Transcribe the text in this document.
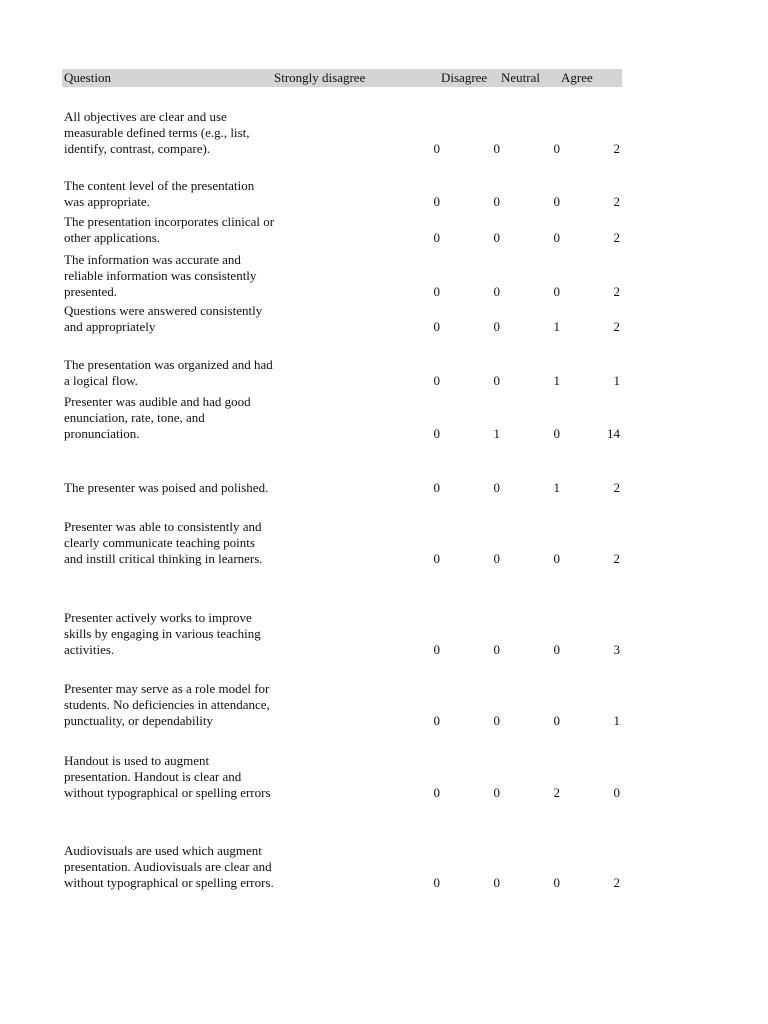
Question	Strongly disagree	Disagree Neutral Agree
All objectives are clear and use measurable defined terms (e.g., list, identify, contrast, compare).	0	0	0	2
The content level of the presentation was appropriate.	0	0	0	2
The presentation incorporates clinical or other applications.	0	0	0	2
The information was accurate and reliable information was consistently presented.	0	0	0	2
Questions were answered consistently and appropriately	0	0	1	2
The presentation was organized and had a logical flow.	0	0	1	1
Presenter was audible and had good enunciation, rate, tone, and pronunciation.	0	1	0	14
The presenter was poised and polished.	0	0	1	2
Presenter was able to consistently and clearly communicate teaching points and instill critical thinking in learners.	0	0	0	2
Presenter actively works to improve skills by engaging in various teaching activities.	0	0	0	3
Presenter may serve as a role model for students. No deficiencies in attendance, punctuality, or dependability	0	0	0	1
Handout is used to augment presentation. Handout is clear and without typographical or spelling errors	0	0	2	0
Audiovisuals are used which augment presentation. Audiovisuals are clear and without typographical or spelling errors.	0	0	0	2
